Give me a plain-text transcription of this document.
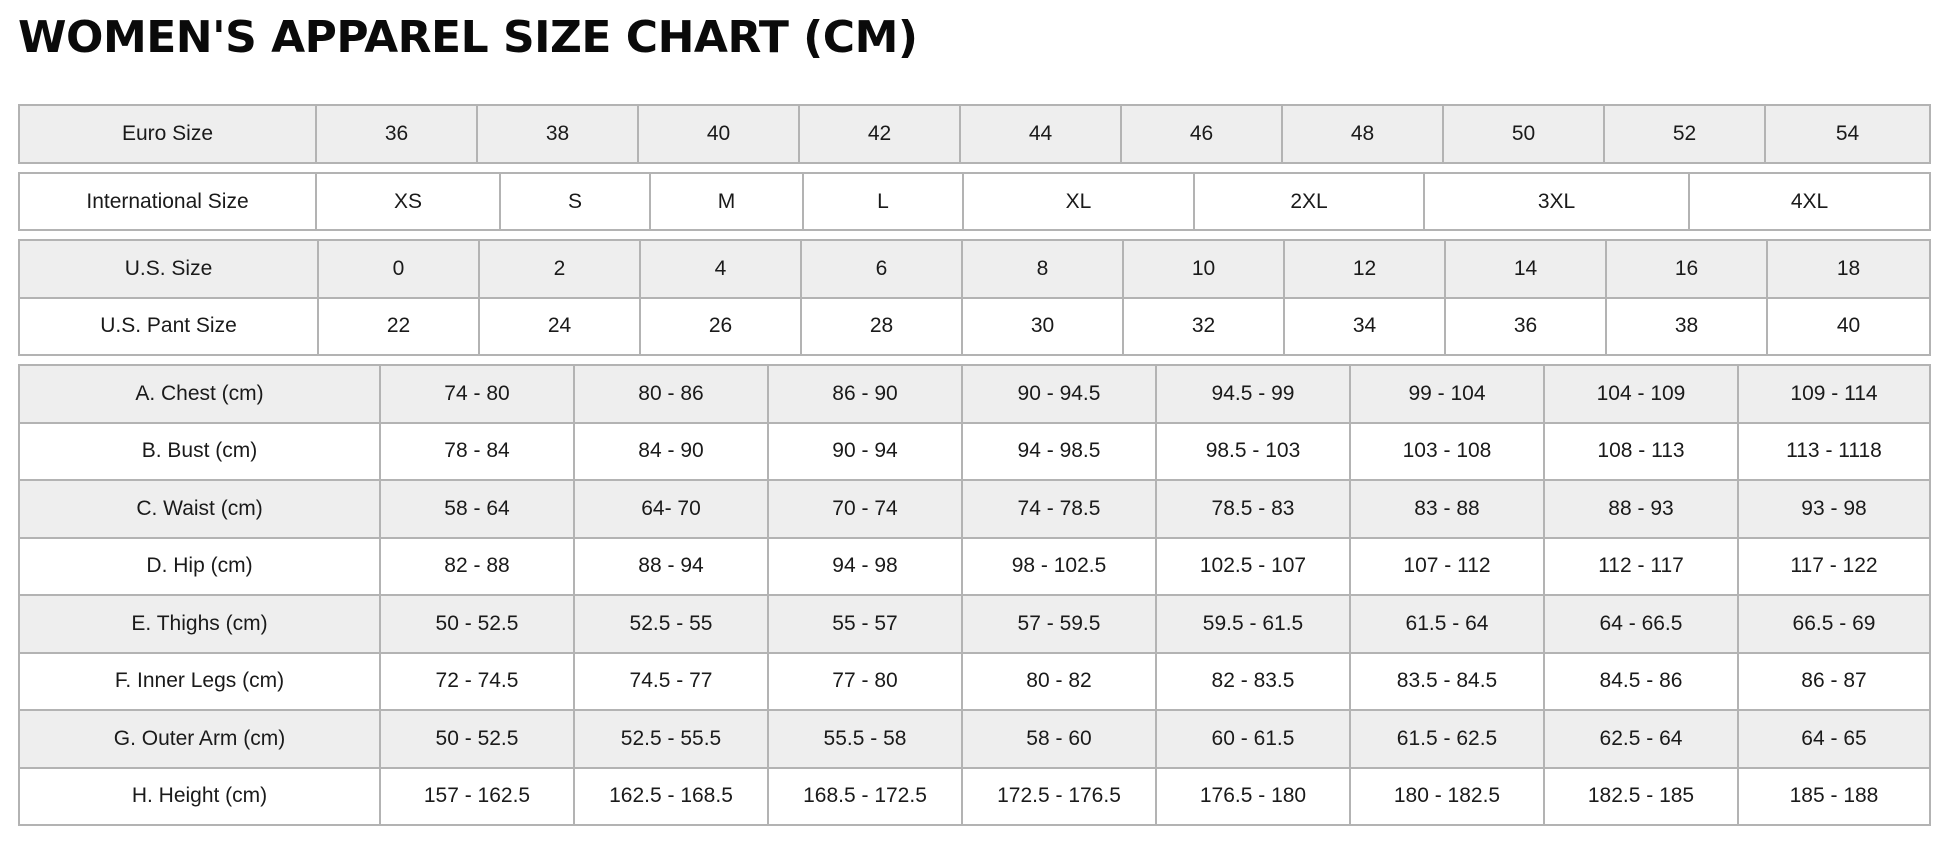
WOMEN'S APPAREL SIZE CHART (CM)
Euro Size	36	38	40	42	44	46	48	50	52	54
International Size	XS	S	M	L	XL	2XL	3XL	4XL
U.S. Size	0	2	4	6	8	10	12	14	16	18
U.S. Pant Size	22	24	26	28	30	32	34	36	38	40
A. Chest (cm)	74 - 80	80 - 86	86 - 90	90 - 94.5	94.5 - 99	99 - 104	104 - 109	109 - 114
B. Bust (cm)	78 - 84	84 - 90	90 - 94	94 - 98.5	98.5 - 103	103 - 108	108 - 113	113 - 1118
C. Waist (cm)	58 - 64	64- 70	70 - 74	74 - 78.5	78.5 - 83	83 - 88	88 - 93	93 - 98
D. Hip (cm)	82 - 88	88 - 94	94 - 98	98 - 102.5	102.5 - 107	107 - 112	112 - 117	117 - 122
E. Thighs (cm)	50 - 52.5	52.5 - 55	55 - 57	57 - 59.5	59.5 - 61.5	61.5 - 64	64 - 66.5	66.5 - 69
F. Inner Legs (cm)	72 - 74.5	74.5 - 77	77 - 80	80 - 82	82 - 83.5	83.5 - 84.5	84.5 - 86	86 - 87
G. Outer Arm (cm)	50 - 52.5	52.5 - 55.5	55.5 - 58	58 - 60	60 - 61.5	61.5 - 62.5	62.5 - 64	64 - 65
H. Height (cm)	157 - 162.5	162.5 - 168.5	168.5 - 172.5	172.5 - 176.5	176.5 - 180	180 - 182.5	182.5 - 185	185 - 188
